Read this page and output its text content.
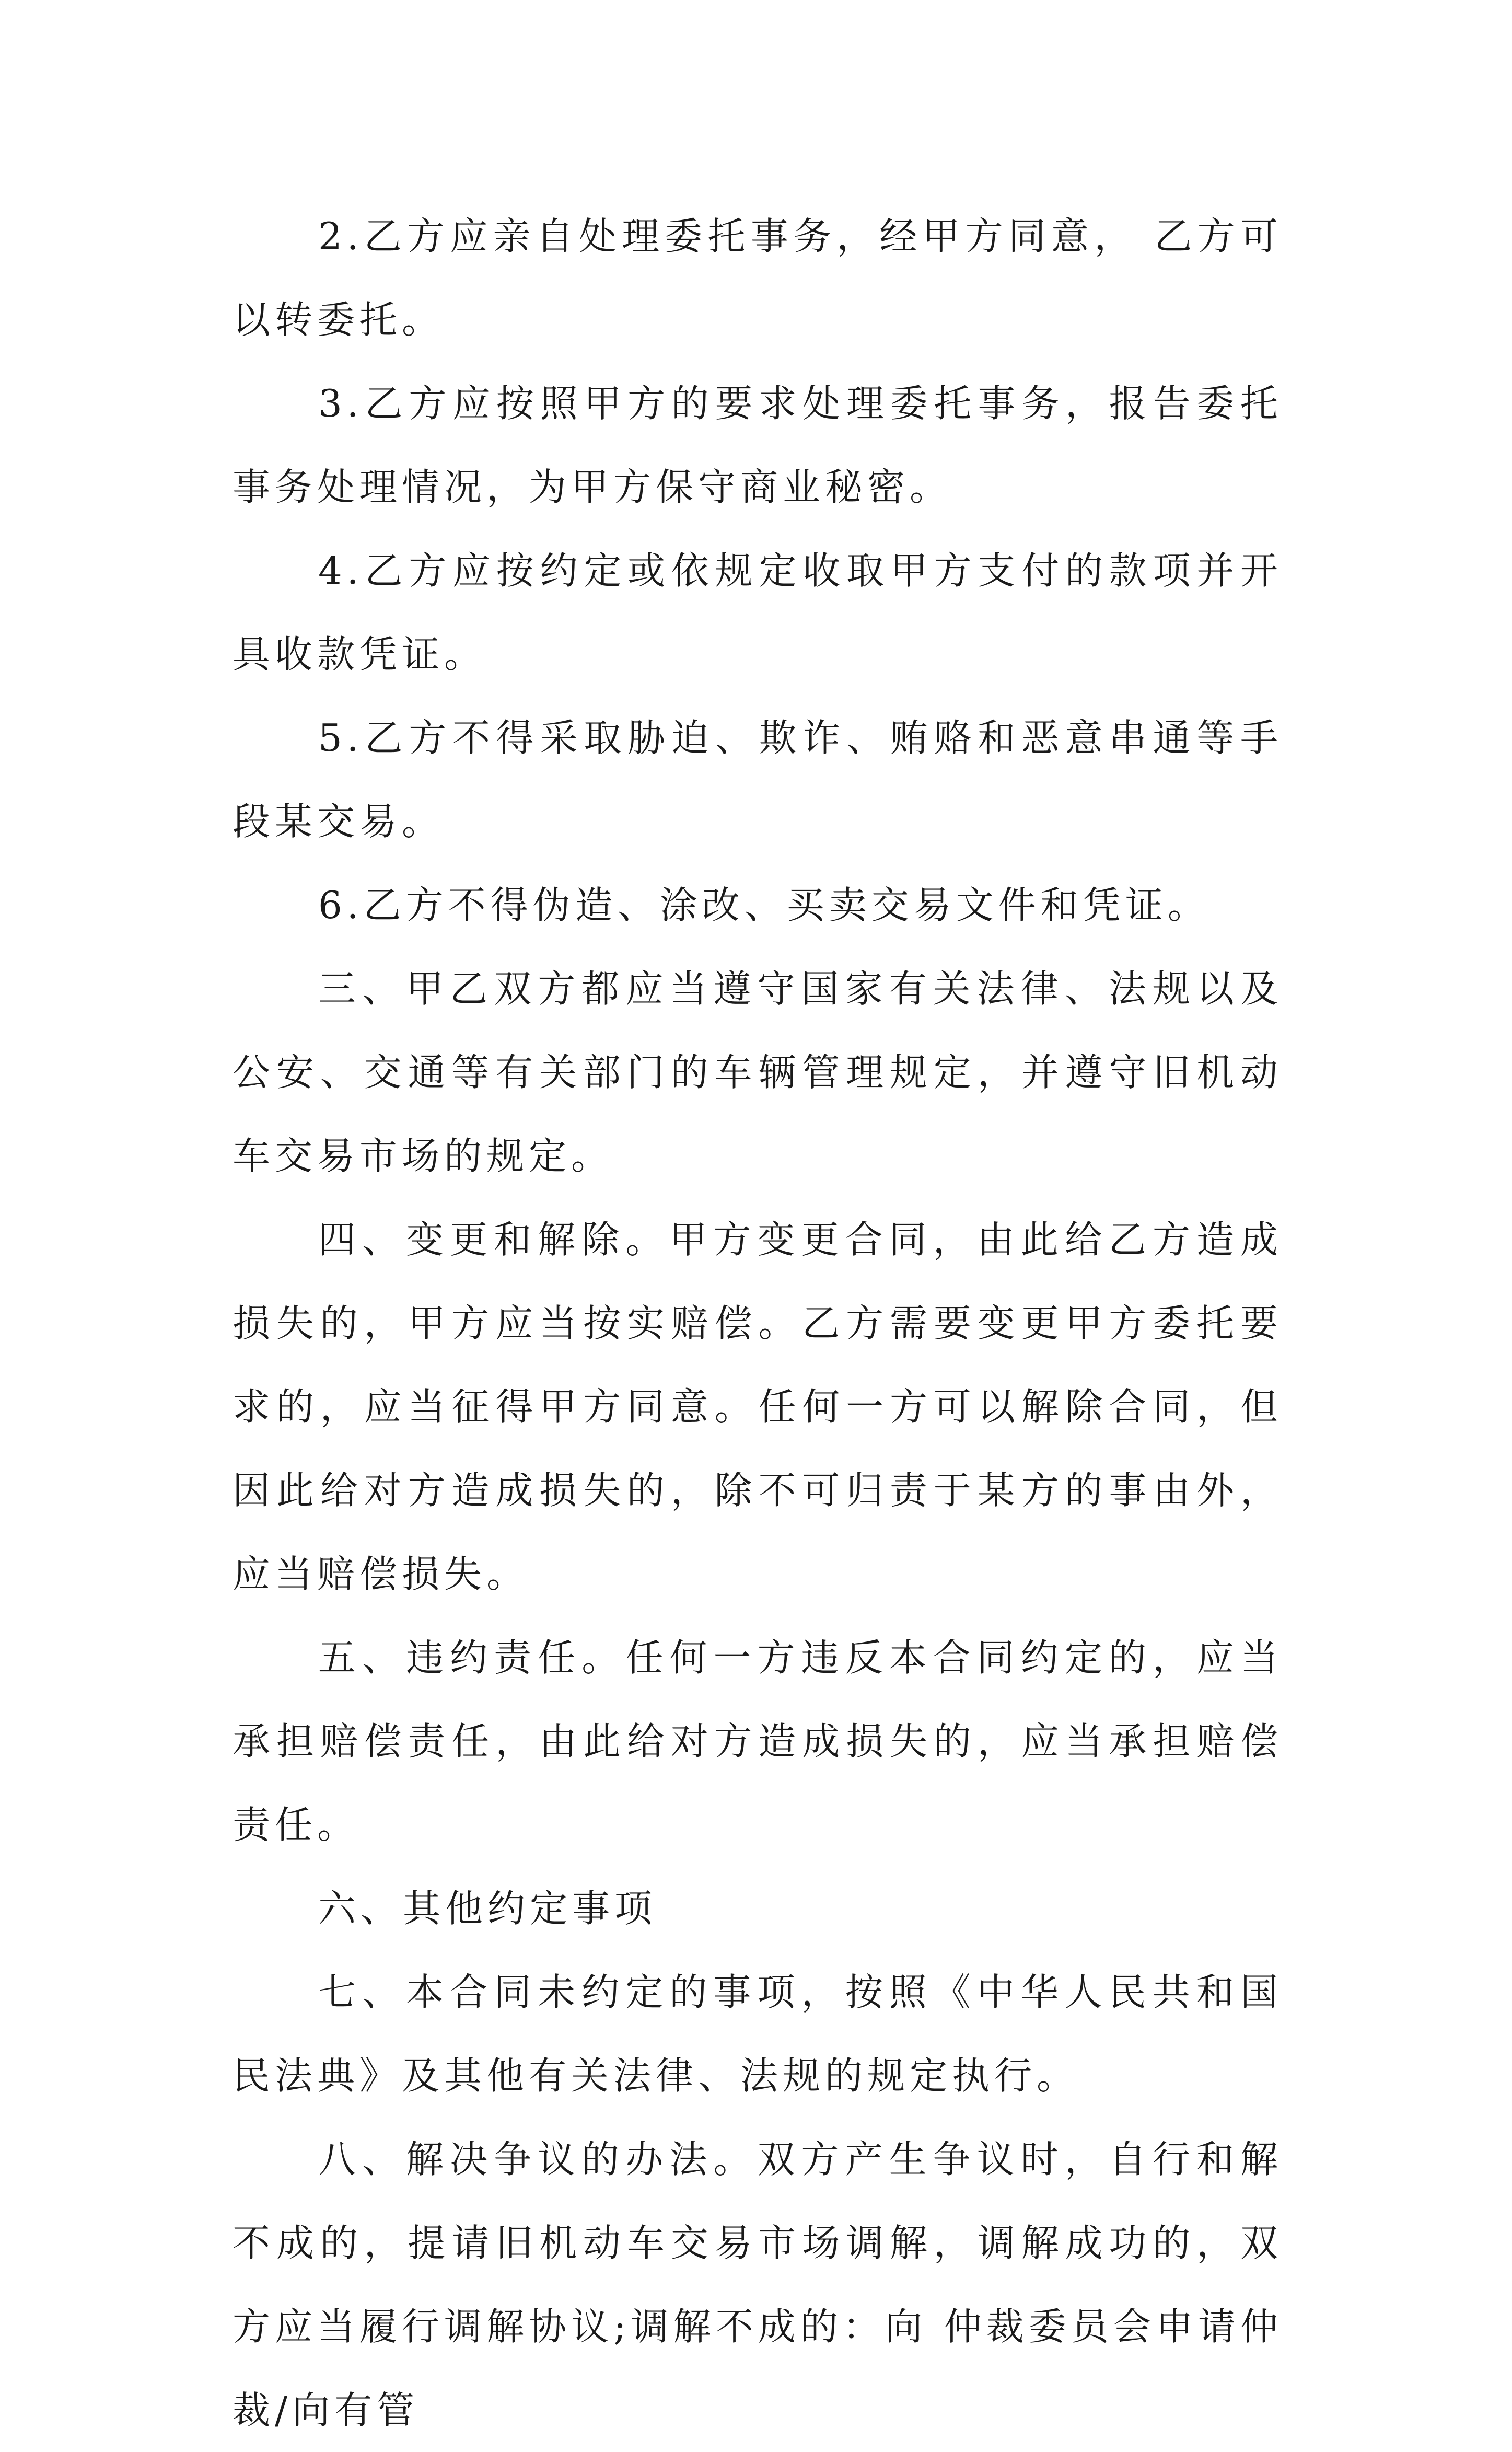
2.乙方应亲自处理委托事务，经甲方同意， 乙方可以转委托。

3.乙方应按照甲方的要求处理委托事务，报告委托事务处理情况，为甲方保守商业秘密。

4.乙方应按约定或依规定收取甲方支付的款项并开具收款凭证。

5.乙方不得采取胁迫、欺诈、贿赂和恶意串通等手段某交易。

6.乙方不得伪造、涂改、买卖交易文件和凭证。

三、甲乙双方都应当遵守国家有关法律、法规以及公安、交通等有关部门的车辆管理规定，并遵守旧机动车交易市场的规定。

四、变更和解除。甲方变更合同，由此给乙方造成损失的，甲方应当按实赔偿。乙方需要变更甲方委托要求的，应当征得甲方同意。任何一方可以解除合同，但因此给对方造成损失的，除不可归责于某方的事由外，应当赔偿损失。

五、违约责任。任何一方违反本合同约定的，应当承担赔偿责任，由此给对方造成损失的，应当承担赔偿责任。

六、其他约定事项

七、本合同未约定的事项，按照《中华人民共和国民法典》及其他有关法律、法规的规定执行。

八、解决争议的办法。双方产生争议时，自行和解不成的，提请旧机动车交易市场调解，调解成功的，双方应当履行调解协议;调解不成的：向 仲裁委员会申请仲裁/向有管
